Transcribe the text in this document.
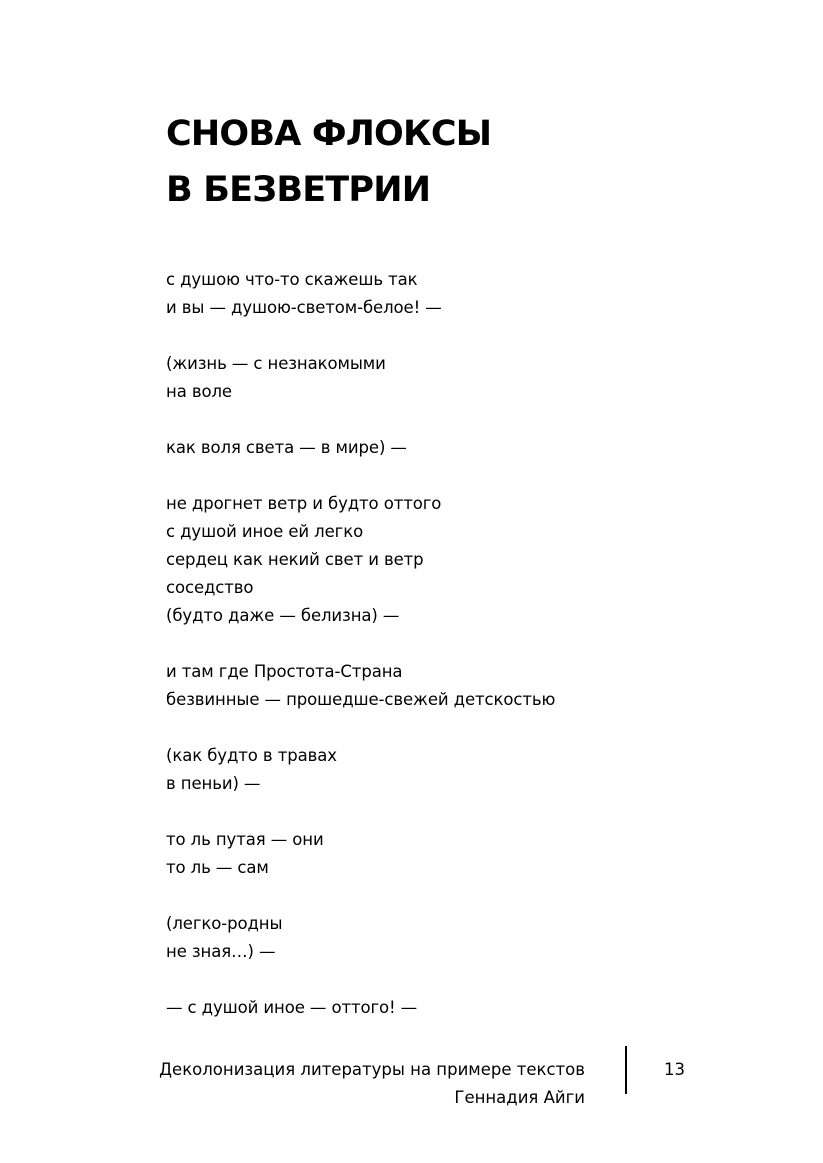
СНОВА ФЛОКСЫ
В БЕЗВЕТРИИ
с душою что-то скажешь так
и вы — душою-светом-белое! —
(жизнь — с незнакомыми
на воле
как воля света — в мире) —
не дрогнет ветр и будто оттого
с душой иное ей легко
сердец как некий свет и ветр
соседство
(будто даже — белизна) —
и там где Простота-Страна
безвинные — прошедше-свежей детскостью
(как будто в травах
в пеньи) —
то ль путая — они
то ль — сам
(легко-родны
не зная…) —
— с душой иное — оттого! —
Деколонизация литературы на примере текстов
Геннадия Айги
13
